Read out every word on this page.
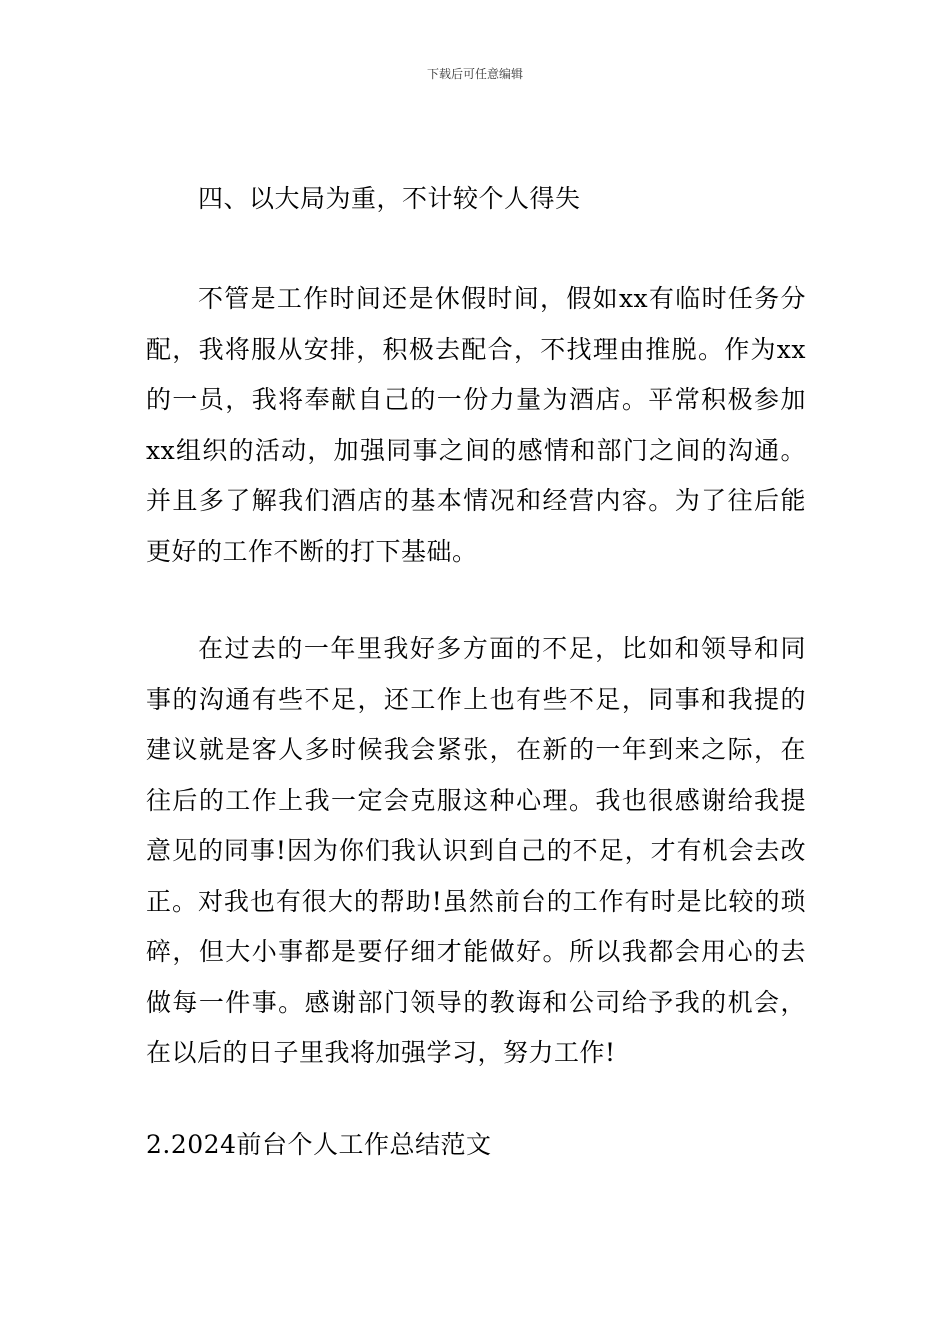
下载后可任意编辑

四、以大局为重，不计较个人得失

不管是工作时间还是休假时间，假如xx有临时任务分配，我将服从安排，积极去配合，不找理由推脱。作为xx的一员，我将奉献自己的一份力量为酒店。平常积极参加xx组织的活动，加强同事之间的感情和部门之间的沟通。并且多了解我们酒店的基本情况和经营内容。为了往后能更好的工作不断的打下基础。

在过去的一年里我好多方面的不足，比如和领导和同事的沟通有些不足，还工作上也有些不足，同事和我提的建议就是客人多时候我会紧张，在新的一年到来之际，在往后的工作上我一定会克服这种心理。我也很感谢给我提意见的同事!因为你们我认识到自己的不足，才有机会去改正。对我也有很大的帮助!虽然前台的工作有时是比较的琐碎，但大小事都是要仔细才能做好。所以我都会用心的去做每一件事。感谢部门领导的教诲和公司给予我的机会，在以后的日子里我将加强学习，努力工作!

2.2024前台个人工作总结范文
